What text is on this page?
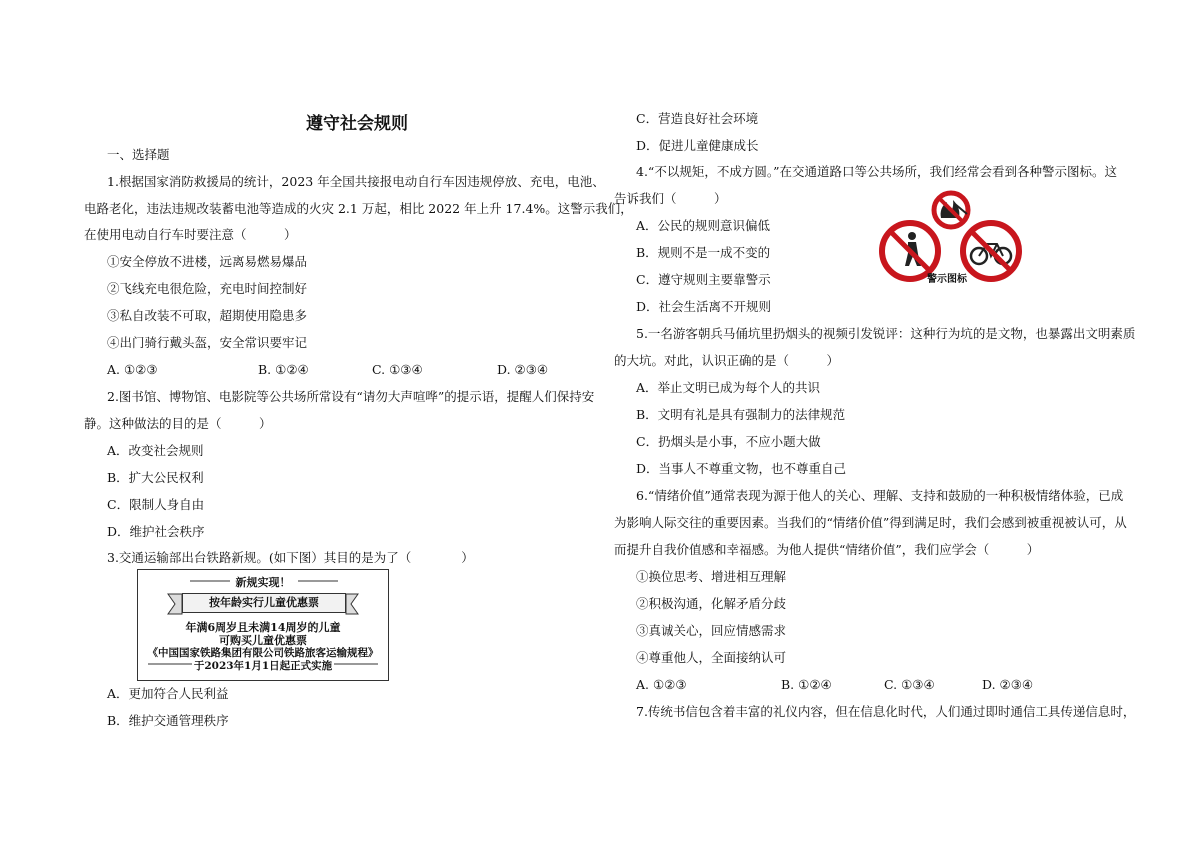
遵守社会规则
一、选择题
1.根据国家消防救援局的统计，2023 年全国共接报电动自行车因违规停放、充电，电池、
电路老化，违法违规改装蓄电池等造成的火灾 2.1 万起，相比 2022 年上升 17.4%。这警示我们，
在使用电动自行车时要注意（　　　）
①安全停放不进楼，远离易燃易爆品
②飞线充电很危险，充电时间控制好
③私自改装不可取，超期使用隐患多
④出门骑行戴头盔，安全常识要牢记
A. ①②③	B. ①②④	C. ①③④	D. ②③④
2.图书馆、博物馆、电影院等公共场所常设有“请勿大声喧哗”的提示语，提醒人们保持安
静。这种做法的目的是（　　　）
A．改变社会规则
B．扩大公民权利
C．限制人身自由
D．维护社会秩序
3.交通运输部出台铁路新规。(如下图）其目的是为了（　　　　）
新规实现！
按年龄实行儿童优惠票
年满6周岁且未满14周岁的儿童
可购买儿童优惠票
《中国国家铁路集团有限公司铁路旅客运输规程》
于2023年1月1日起正式实施
A．更加符合人民利益
B．维护交通管理秩序
C．营造良好社会环境
D．促进儿童健康成长
4.“不以规矩，不成方圆。”在交通道路口等公共场所，我们经常会看到各种警示图标。这
告诉我们（　　　）
A．公民的规则意识偏低
B．规则不是一成不变的
C．遵守规则主要靠警示
D．社会生活离不开规则
警示图标
5.一名游客朝兵马俑坑里扔烟头的视频引发锐评：这种行为坑的是文物，也暴露出文明素质
的大坑。对此，认识正确的是（　　　）
A．举止文明已成为每个人的共识
B．文明有礼是具有强制力的法律规范
C．扔烟头是小事，不应小题大做
D．当事人不尊重文物，也不尊重自己
6.“情绪价值”通常表现为源于他人的关心、理解、支持和鼓励的一种积极情绪体验，已成
为影响人际交往的重要因素。当我们的“情绪价值”得到满足时，我们会感到被重视被认可，从
而提升自我价值感和幸福感。为他人提供“情绪价值”，我们应学会（　　　）
①换位思考、增进相互理解
②积极沟通，化解矛盾分歧
③真诚关心，回应情感需求
④尊重他人，全面接纳认可
A. ①②③	B. ①②④	C. ①③④	D. ②③④
7.传统书信包含着丰富的礼仪内容，但在信息化时代，人们通过即时通信工具传递信息时，
